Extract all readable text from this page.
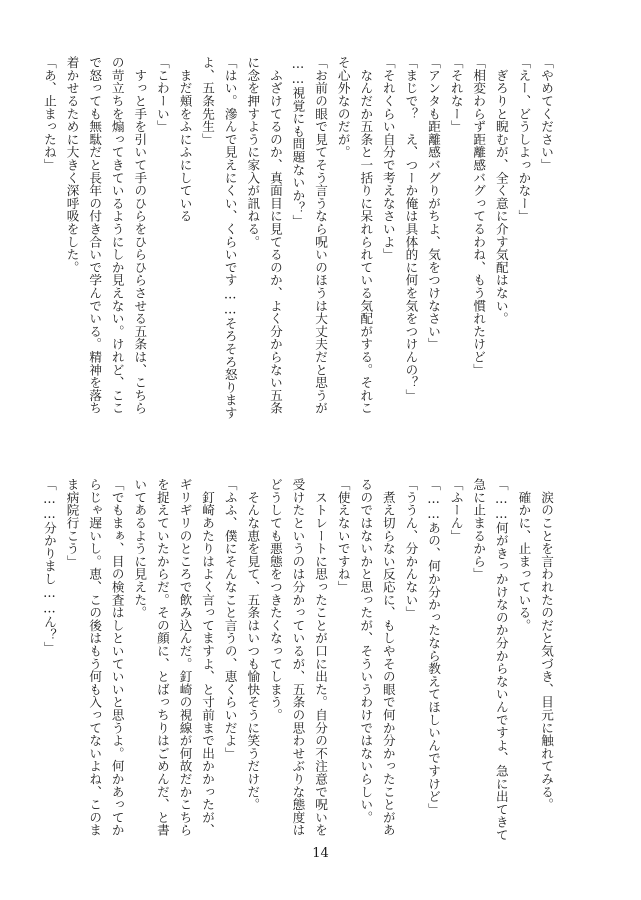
「やめてください」
「えー、どうしよっかなー」
　ぎろりと睨むが、全く意に介す気配はない。
「相変わらず距離感バグってるわね、もう慣れたけど」
「それなー」
「アンタも距離感バグりがちよ、気をつけなさい」
「まじで？　え、つーか俺は具体的に何を気をつけんの？」
「それくらい自分で考えなさいよ」
　なんだか五条と一括りに呆れられている気配がする。それこ
そ心外なのだが。
「お前の眼で見てそう言うなら呪いのほうは大丈夫だと思うが
……視覚にも問題ないか？」
　ふざけてるのか、真面目に見てるのか、よく分からない五条
に念を押すように家入が訊ねる。
「はい。滲んで見えにくい、くらいです……そろそろ怒ります
よ、五条先生」
　まだ頬をふにふにしている
「こわーい」
　すっと手を引いて手のひらをひらひらさせる五条は、こちら
の苛立ちを煽ってきているようにしか見えない。けれど、ここ
で怒っても無駄だと長年の付き合いで学んでいる。精神を落ち
着かせるために大きく深呼吸をした。
「あ、止まったね」
　涙のことを言われたのだと気づき、目元に触れてみる。
　確かに、止まっている。
「……何がきっかけなのか分からないんですよ、急に出てきて
急に止まるから」
「ふーん」
「……あの、何か分かったなら教えてほしいんですけど」
「ううん、分かんない」
　煮え切らない反応に、もしやその眼で何か分かったことがあ
るのではないかと思ったが、そういうわけではないらしい。
「使えないですね」
　ストレートに思ったことが口に出た。自分の不注意で呪いを
受けたというのは分かっているが、五条の思わせぶりな態度は
どうしても悪態をつきたくなってしまう。
　そんな恵を見て、五条はいつも愉快そうに笑うだけだ。
「ふふ、僕にそんなこと言うの、恵くらいだよ」
　釘崎あたりはよく言ってますよ、と寸前まで出かかったが、
ギリギリのところで飲み込んだ。釘崎の視線が何故だかこちら
を捉えていたからだ。その顔に、とばっちりはごめんだ、と書
いてあるように見えた。
「でもまぁ、目の検査はしといていいと思うよ。何かあってか
らじゃ遅いし。恵、この後はもう何も入ってないよね、このま
ま病院行こう」
「……分かりまし……ん？」
14
